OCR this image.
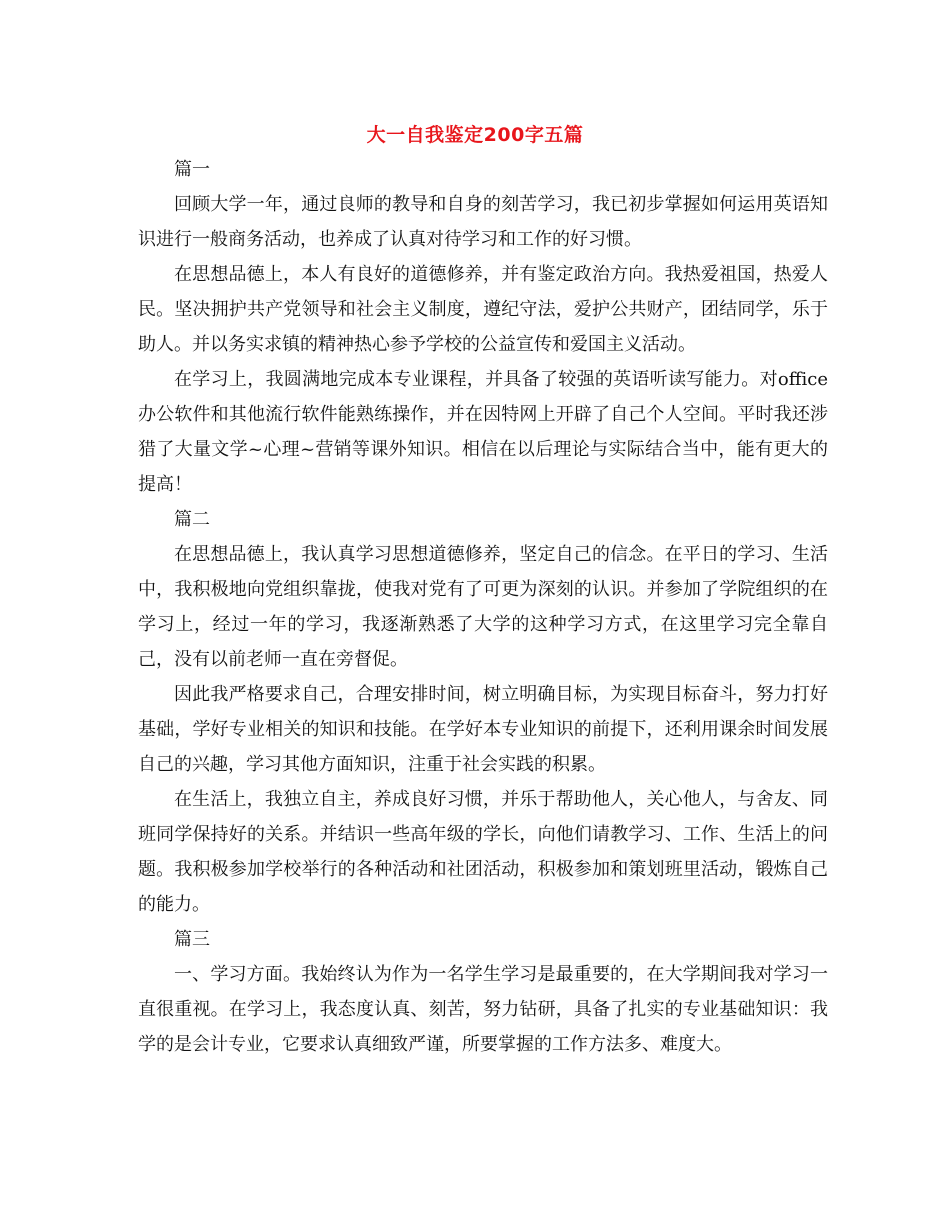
大一自我鉴定200字五篇

篇一

回顾大学一年，通过良师的教导和自身的刻苦学习，我已初步掌握如何运用英语知识进行一般商务活动，也养成了认真对待学习和工作的好习惯。

在思想品德上，本人有良好的道德修养，并有鉴定政治方向。我热爱祖国，热爱人民。坚决拥护共产党领导和社会主义制度，遵纪守法，爱护公共财产，团结同学，乐于助人。并以务实求镇的精神热心参予学校的公益宣传和爱国主义活动。

在学习上，我圆满地完成本专业课程，并具备了较强的英语听读写能力。对office办公软件和其他流行软件能熟练操作，并在因特网上开辟了自己个人空间。平时我还涉猎了大量文学~心理~营销等课外知识。相信在以后理论与实际结合当中，能有更大的提高！

篇二

在思想品德上，我认真学习思想道德修养，坚定自己的信念。在平日的学习、生活中，我积极地向党组织靠拢，使我对党有了可更为深刻的认识。并参加了学院组织的在学习上，经过一年的学习，我逐渐熟悉了大学的这种学习方式，在这里学习完全靠自己，没有以前老师一直在旁督促。

因此我严格要求自己，合理安排时间，树立明确目标，为实现目标奋斗，努力打好基础，学好专业相关的知识和技能。在学好本专业知识的前提下，还利用课余时间发展自己的兴趣，学习其他方面知识，注重于社会实践的积累。

在生活上，我独立自主，养成良好习惯，并乐于帮助他人，关心他人，与舍友、同班同学保持好的关系。并结识一些高年级的学长，向他们请教学习、工作、生活上的问题。我积极参加学校举行的各种活动和社团活动，积极参加和策划班里活动，锻炼自己的能力。

篇三

一、学习方面。我始终认为作为一名学生学习是最重要的，在大学期间我对学习一直很重视。在学习上，我态度认真、刻苦，努力钻研，具备了扎实的专业基础知识：我学的是会计专业，它要求认真细致严谨，所要掌握的工作方法多、难度大。
